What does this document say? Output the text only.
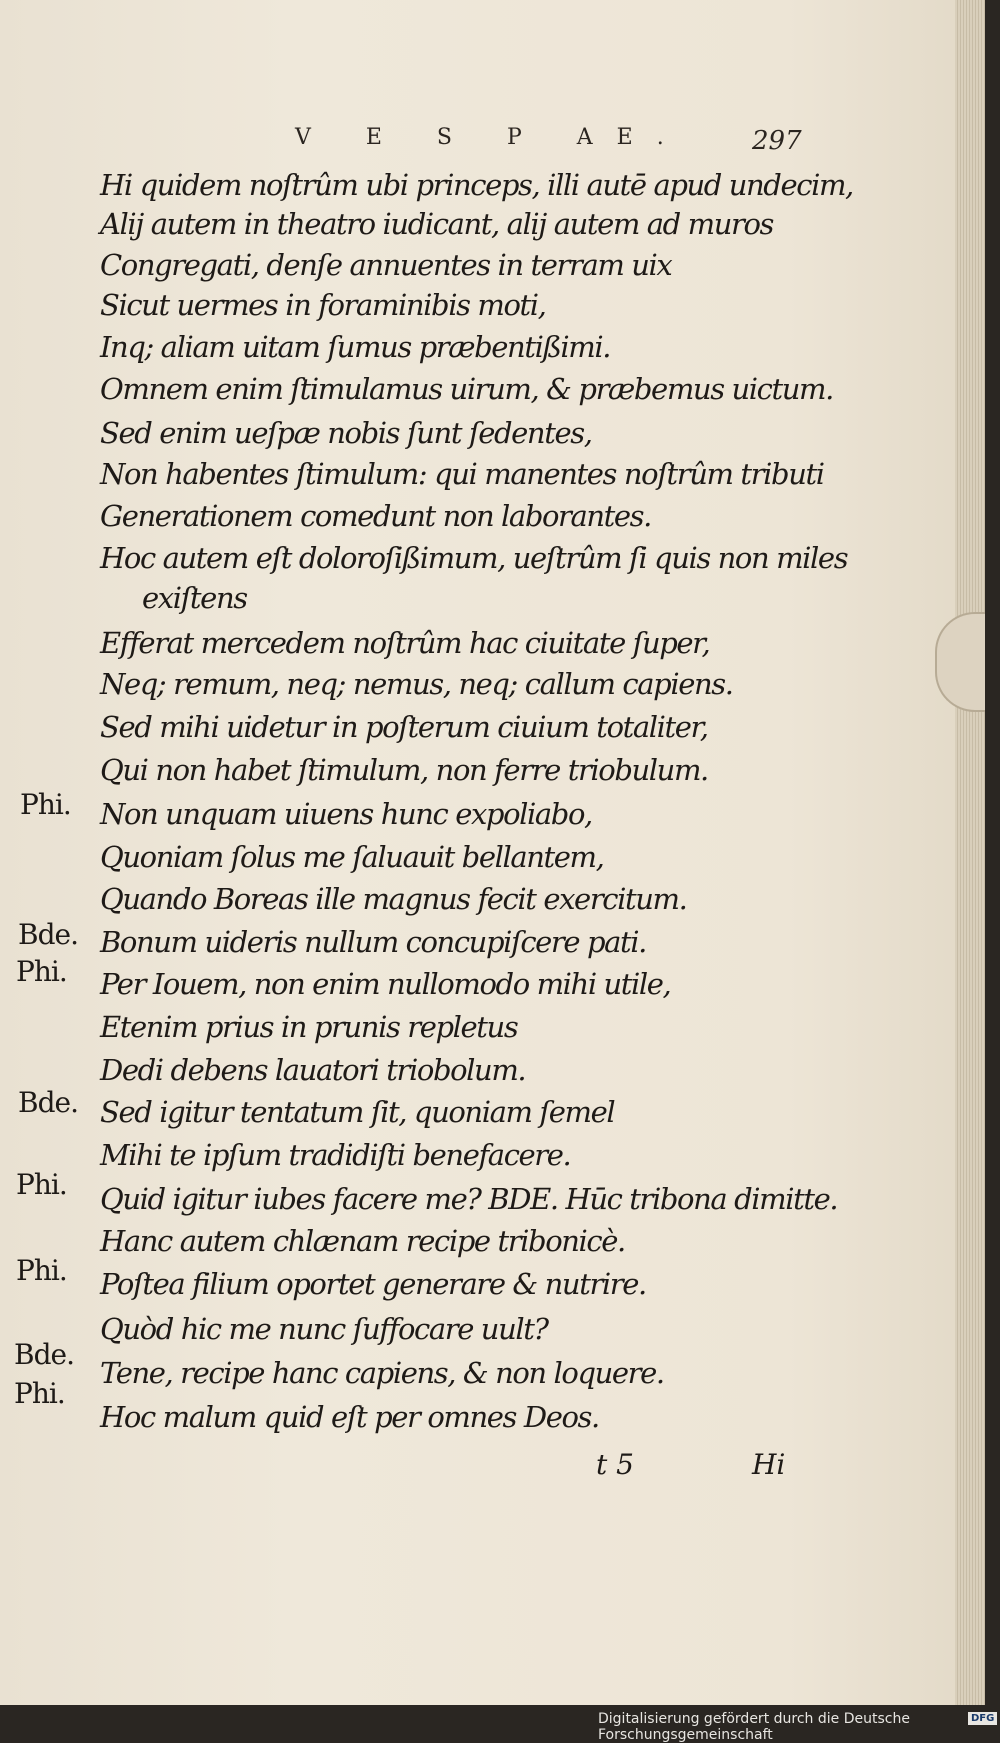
V E S P AE. 297
Hi quidem noſtrûm ubi princeps, illi autē apud undecim,
Alij autem in theatro iudicant, alij autem ad muros
Congregati, denſe annuentes in terram uix
Sicut uermes in foraminibis moti,
Inq; aliam uitam ſumus præbentißimi.
Omnem enim ſtimulamus uirum, & præbemus uictum.
Sed enim ueſpæ nobis ſunt ſedentes,
Non habentes ſtimulum: qui manentes noſtrûm tributi
Generationem comedunt non laborantes.
Hoc autem eſt doloroſißimum, ueſtrûm ſi quis non miles
exiſtens
Efferat mercedem noſtrûm hac ciuitate ſuper,
Neq; remum, neq; nemus, neq; callum capiens.
Sed mihi uidetur in poſterum ciuium totaliter,
Qui non habet ſtimulum, non ferre triobulum.
Non unquam uiuens hunc expoliabo,
Quoniam ſolus me ſaluauit bellantem,
Quando Boreas ille magnus fecit exercitum.
Bonum uideris nullum concupiſcere pati.
Per Iouem, non enim nullomodo mihi utile,
Etenim prius in prunis repletus
Dedi debens lauatori triobolum.
Sed igitur tentatum ſit, quoniam ſemel
Mihi te ipſum tradidiſti benefacere.
Quid igitur iubes facere me? BDE. Hūc tribona dimitte.
Hanc autem chlænam recipe tribonicè.
Poſtea filium oportet generare & nutrire.
Quòd hic me nunc ſuffocare uult?
Tene, recipe hanc capiens, & non loquere.
Hoc malum quid eſt per omnes Deos.
Phi.
Bde.
Phi.
Bde.
Phi.
Phi.
Bde.
Phi.
t 5	Hi
Digitalisierung gefördert durch die Deutsche Forschungsgemeinschaft
DFG
